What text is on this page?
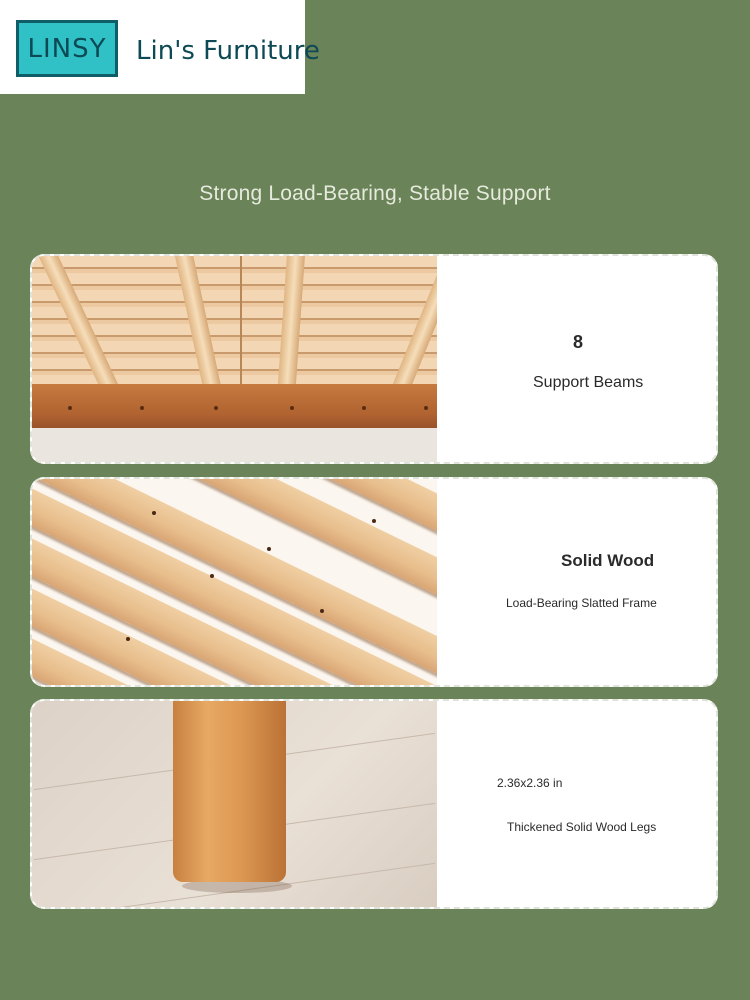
LINSY Lin's Furniture
Strong Load-Bearing, Stable Support
8
Support Beams
Solid Wood
Load-Bearing Slatted Frame
2.36x2.36 in
Thickened Solid Wood Legs
